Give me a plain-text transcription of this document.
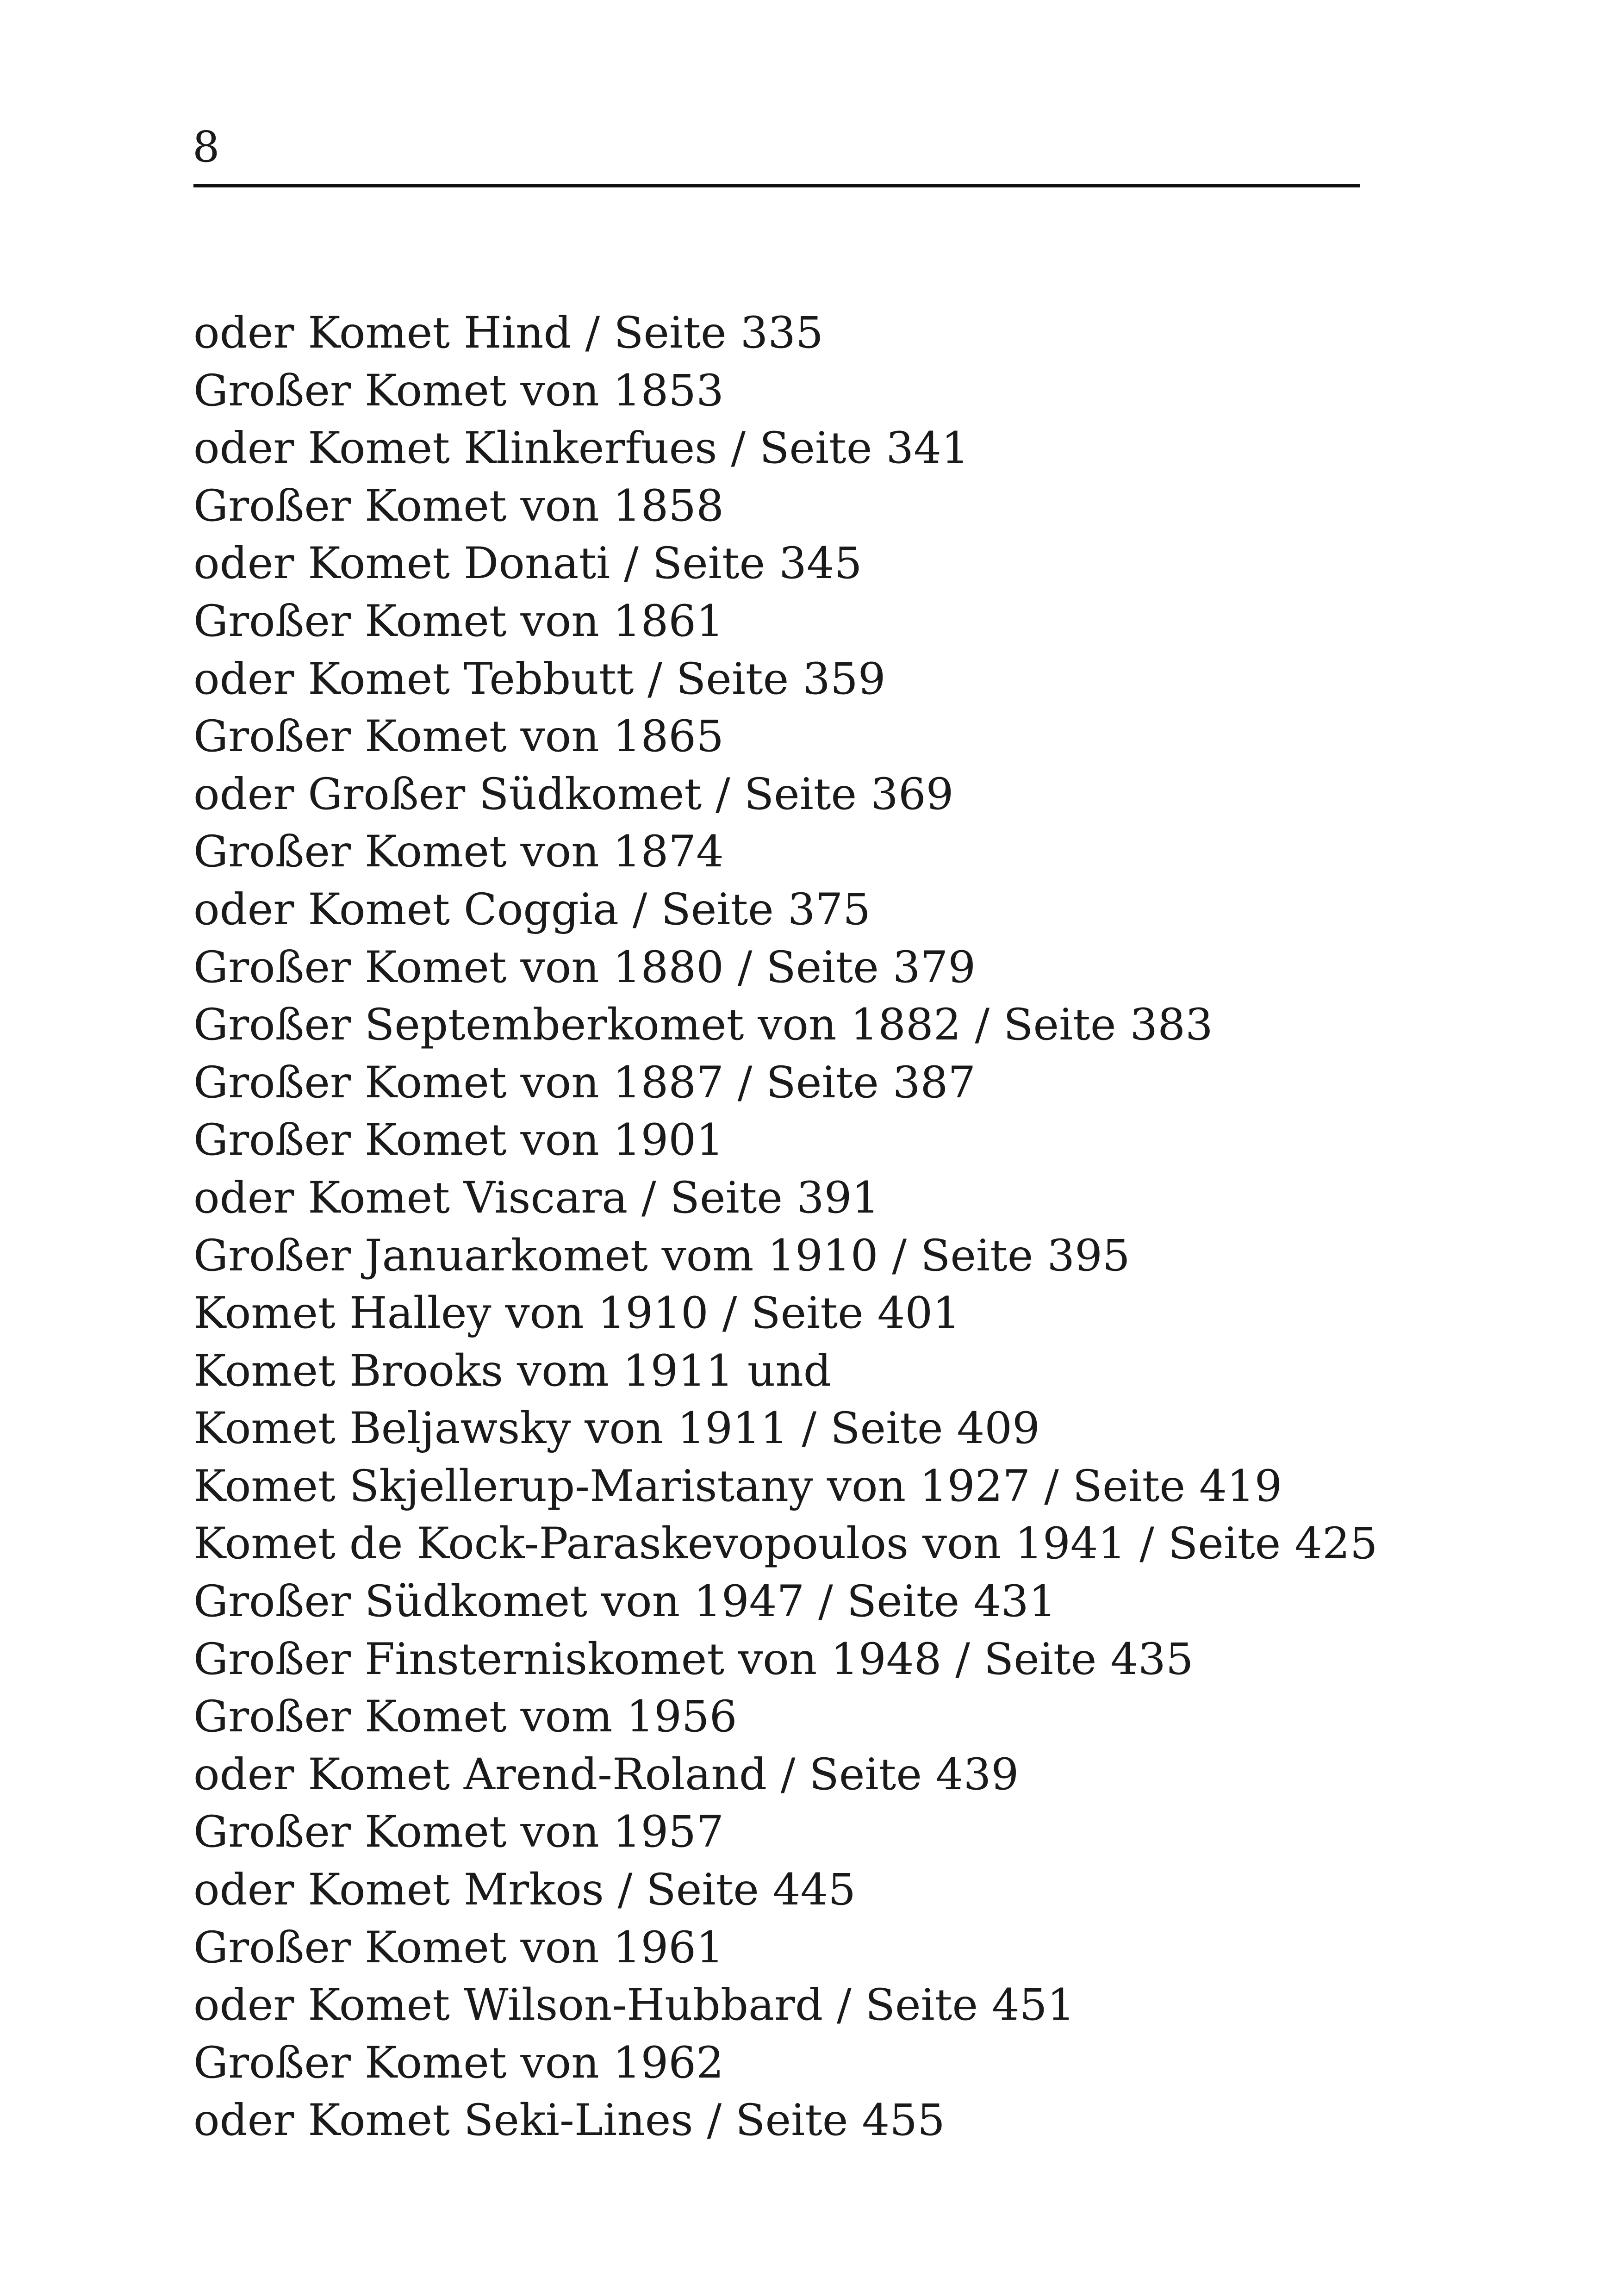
8
oder Komet Hind / Seite 335
Großer Komet von 1853
oder Komet Klinkerfues / Seite 341
Großer Komet von 1858
oder Komet Donati / Seite 345
Großer Komet von 1861
oder Komet Tebbutt / Seite 359
Großer Komet von 1865
oder Großer Südkomet / Seite 369
Großer Komet von 1874
oder Komet Coggia / Seite 375
Großer Komet von 1880 / Seite 379
Großer Septemberkomet von 1882 / Seite 383
Großer Komet von 1887 / Seite 387
Großer Komet von 1901
oder Komet Viscara / Seite 391
Großer Januarkomet vom 1910 / Seite 395
Komet Halley von 1910 / Seite 401
Komet Brooks vom 1911 und
Komet Beljawsky von 1911 / Seite 409
Komet Skjellerup-Maristany von 1927 / Seite 419
Komet de Kock-Paraskevopoulos von 1941 / Seite 425
Großer Südkomet von 1947 / Seite 431
Großer Finsterniskomet von 1948 / Seite 435
Großer Komet vom 1956
oder Komet Arend-Roland / Seite 439
Großer Komet von 1957
oder Komet Mrkos / Seite 445
Großer Komet von 1961
oder Komet Wilson-Hubbard / Seite 451
Großer Komet von 1962
oder Komet Seki-Lines / Seite 455
